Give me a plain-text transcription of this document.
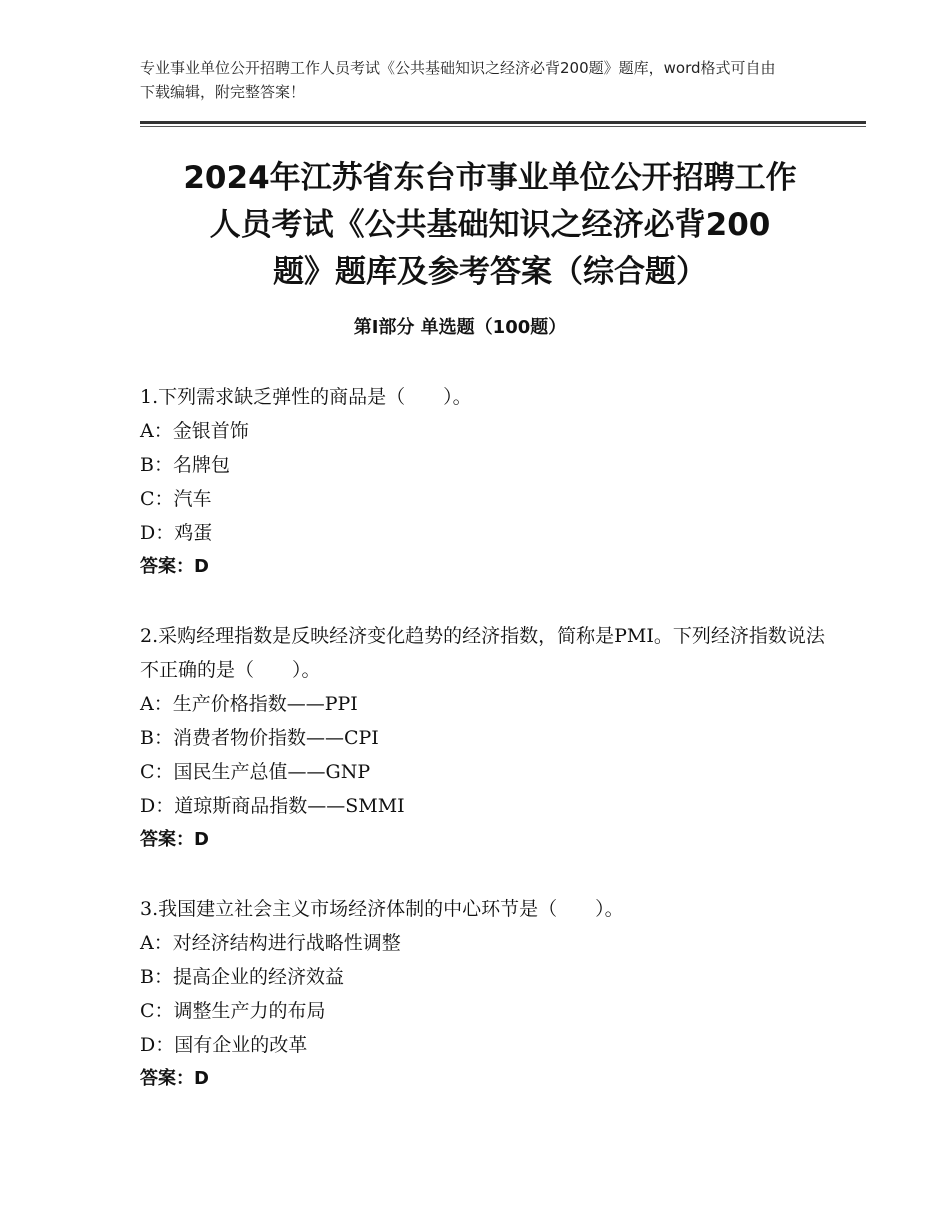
专业事业单位公开招聘工作人员考试《公共基础知识之经济必背200题》题库，word格式可自由下载编辑，附完整答案！
2024年江苏省东台市事业单位公开招聘工作
人员考试《公共基础知识之经济必背200
题》题库及参考答案（综合题）
第Ⅰ部分 单选题（100题）
1.下列需求缺乏弹性的商品是（　　）。
A：金银首饰
B：名牌包
C：汽车
D：鸡蛋
答案：D
2.采购经理指数是反映经济变化趋势的经济指数，简称是PMI。下列经济指数说法不正确的是（　　）。
A：生产价格指数——PPI
B：消费者物价指数——CPI
C：国民生产总值——GNP
D：道琼斯商品指数——SMMI
答案：D
3.我国建立社会主义市场经济体制的中心环节是（　　）。
A：对经济结构进行战略性调整
B：提高企业的经济效益
C：调整生产力的布局
D：国有企业的改革
答案：D
